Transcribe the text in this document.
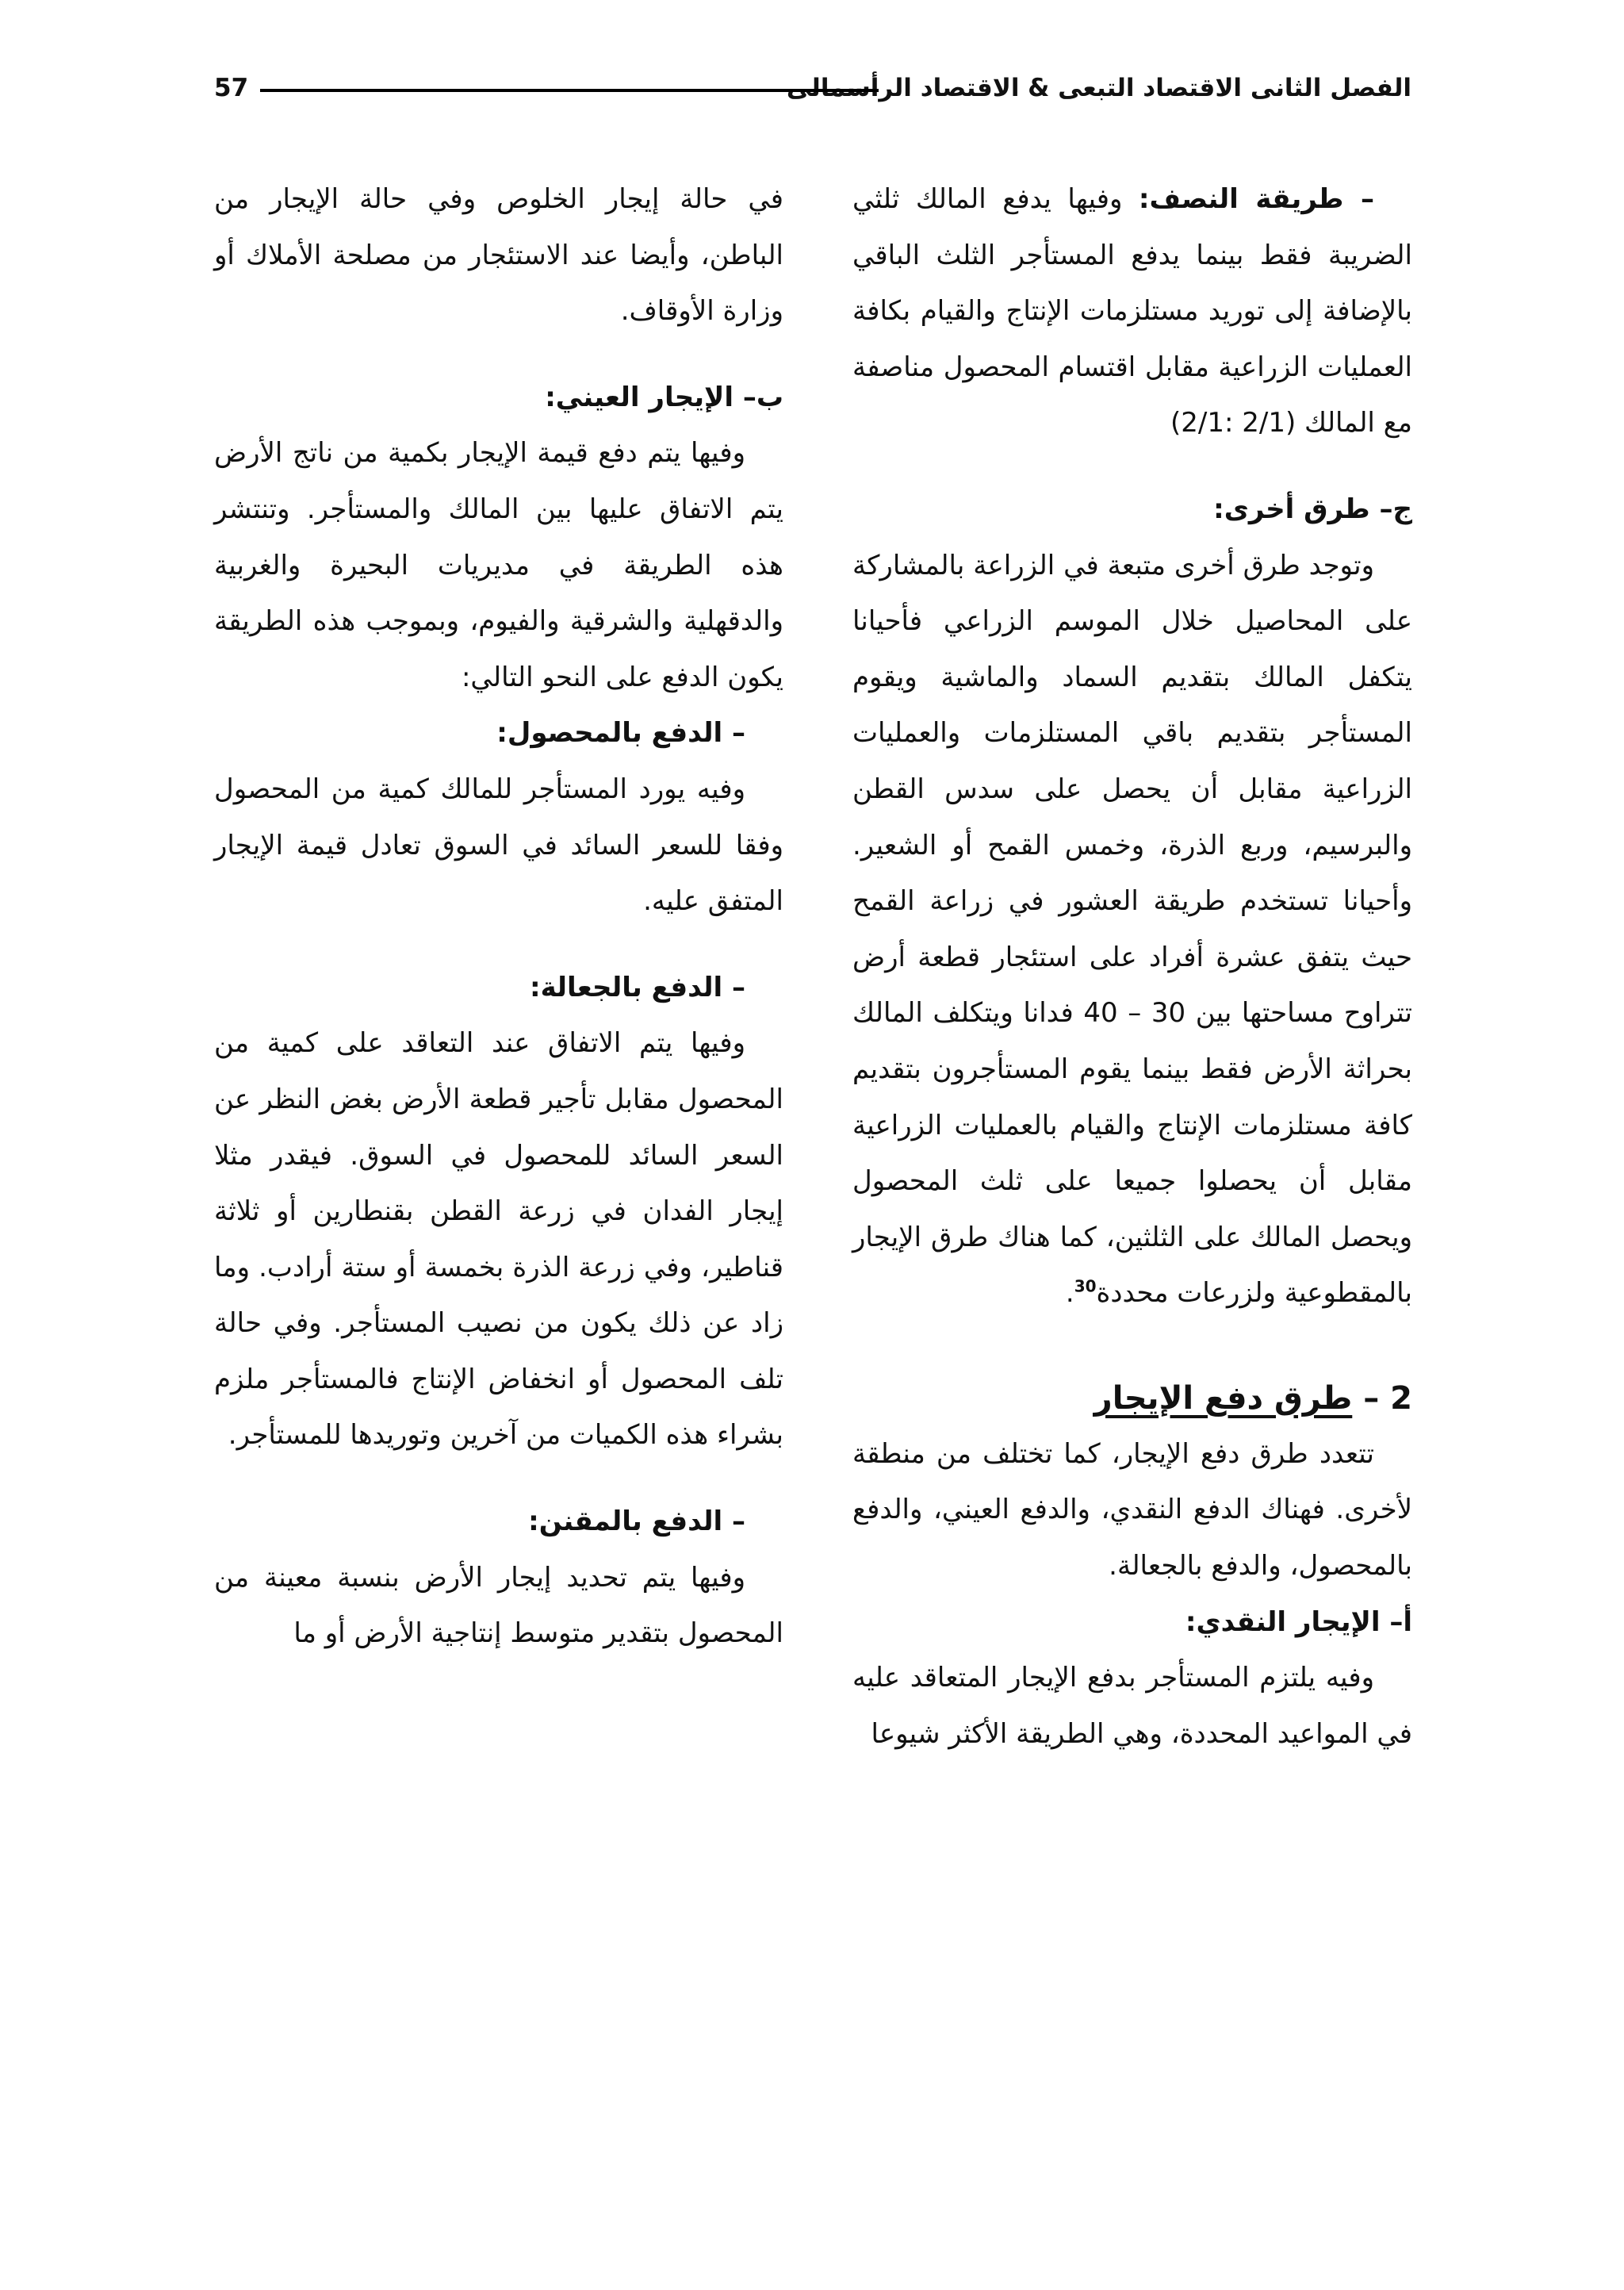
الفصل الثانى الاقتصاد التبعى & الاقتصاد الرأسمالى
57

– طريقة النصف: وفيها يدفع المالك ثلثي الضريبة فقط بينما يدفع المستأجر الثلث الباقي بالإضافة إلى توريد مستلزمات الإنتاج والقيام بكافة العمليات الزراعية مقابل اقتسام المحصول مناصفة مع المالك (2/1: 2/1)

ج– طرق أخرى:

وتوجد طرق أخرى متبعة في الزراعة بالمشاركة على المحاصيل خلال الموسم الزراعي فأحيانا يتكفل المالك بتقديم السماد والماشية ويقوم المستأجر بتقديم باقي المستلزمات والعمليات الزراعية مقابل أن يحصل على سدس القطن والبرسيم، وربع الذرة، وخمس القمح أو الشعير. وأحيانا تستخدم طريقة العشور في زراعة القمح حيث يتفق عشرة أفراد على استئجار قطعة أرض تتراوح مساحتها بين 30 – 40 فدانا ويتكلف المالك بحراثة الأرض فقط بينما يقوم المستأجرون بتقديم كافة مستلزمات الإنتاج والقيام بالعمليات الزراعية مقابل أن يحصلوا جميعا على ثلث المحصول ويحصل المالك على الثلثين، كما هناك طرق الإيجار بالمقطوعية ولزرعات محددة$^{30}$.

2 – طرق دفع الإيجار

تتعدد طرق دفع الإيجار، كما تختلف من منطقة لأخرى. فهناك الدفع النقدي، والدفع العيني، والدفع بالمحصول، والدفع بالجعالة.

أ– الإيجار النقدي:

وفيه يلتزم المستأجر بدفع الإيجار المتعاقد عليه في المواعيد المحددة، وهي الطريقة الأكثر شيوعا

في حالة إيجار الخلوص وفي حالة الإيجار من الباطن، وأيضا عند الاستئجار من مصلحة الأملاك أو وزارة الأوقاف.

ب– الإيجار العيني:

وفيها يتم دفع قيمة الإيجار بكمية من ناتج الأرض يتم الاتفاق عليها بين المالك والمستأجر. وتنتشر هذه الطريقة في مديريات البحيرة والغربية والدقهلية والشرقية والفيوم، وبموجب هذه الطريقة يكون الدفع على النحو التالي:

– الدفع بالمحصول:

وفيه يورد المستأجر للمالك كمية من المحصول وفقا للسعر السائد في السوق تعادل قيمة الإيجار المتفق عليه.

– الدفع بالجعالة:

وفيها يتم الاتفاق عند التعاقد على كمية من المحصول مقابل تأجير قطعة الأرض بغض النظر عن السعر السائد للمحصول في السوق. فيقدر مثلا إيجار الفدان في زرعة القطن بقنطارين أو ثلاثة قناطير، وفي زرعة الذرة بخمسة أو ستة أرادب. وما زاد عن ذلك يكون من نصيب المستأجر. وفي حالة تلف المحصول أو انخفاض الإنتاج فالمستأجر ملزم بشراء هذه الكميات من آخرين وتوريدها للمستأجر.

– الدفع بالمقنن:

وفيها يتم تحديد إيجار الأرض بنسبة معينة من المحصول بتقدير متوسط إنتاجية الأرض أو ما
